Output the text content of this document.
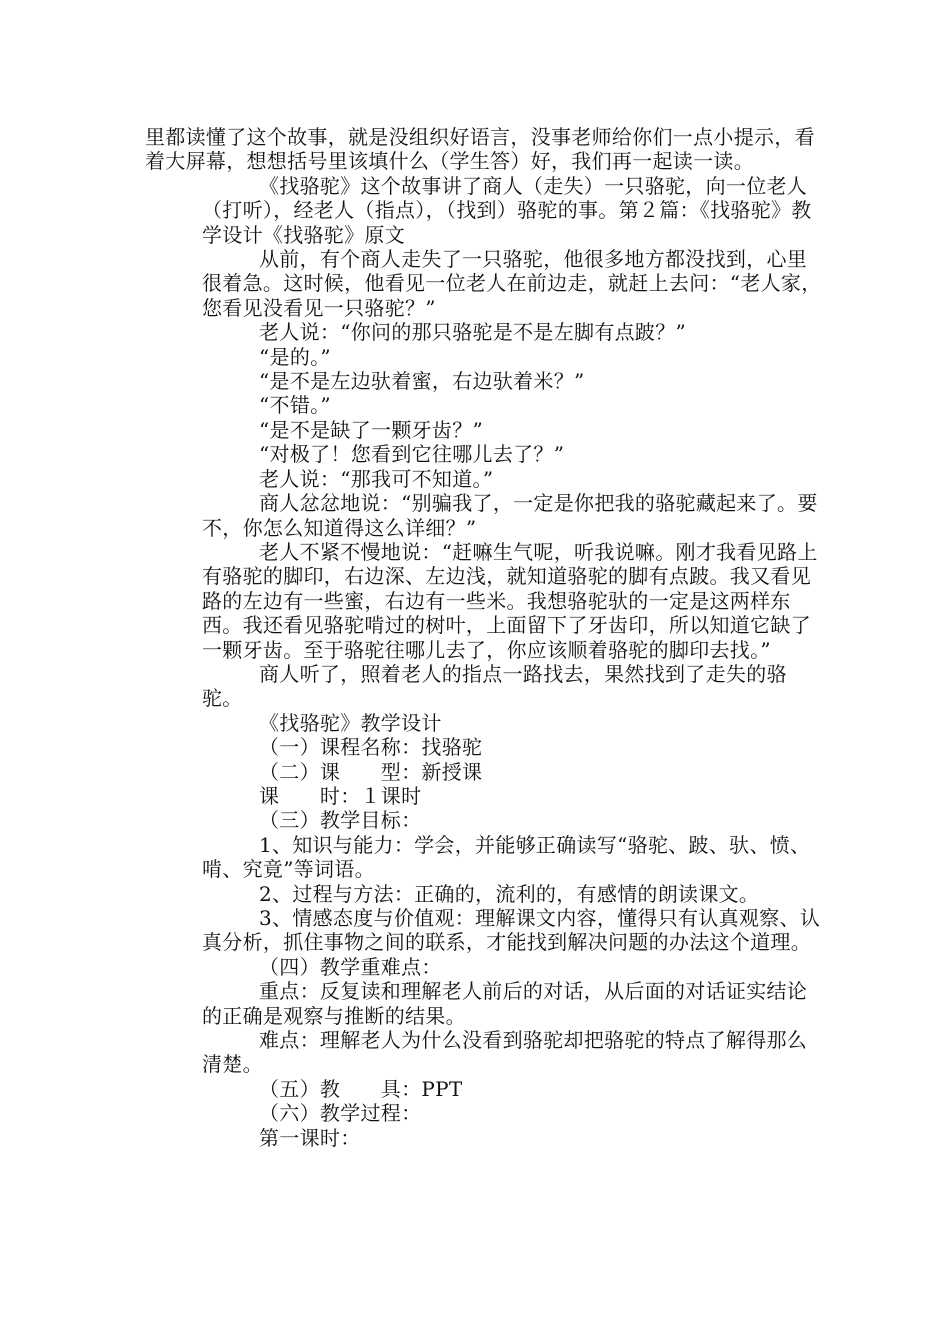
里都读懂了这个故事，就是没组织好语言，没事老师给你们一点小提示，看着大屏幕，想想括号里该填什么（学生答）好，我们再一起读一读。

《找骆驼》这个故事讲了商人（走失）一只骆驼，向一位老人（打听），经老人（指点），（找到）骆驼的事。第２篇：《找骆驼》教学设计《找骆驼》原文

从前，有个商人走失了一只骆驼，他很多地方都没找到，心里很着急。这时候，他看见一位老人在前边走，就赶上去问：“老人家，您看见没看见一只骆驼？”

老人说：“你问的那只骆驼是不是左脚有点跛？”

“是的。”

“是不是左边驮着蜜，右边驮着米？”

“不错。”

“是不是缺了一颗牙齿？”

“对极了！您看到它往哪儿去了？”

老人说：“那我可不知道。”

商人忿忿地说：“别骗我了，一定是你把我的骆驼藏起来了。要不，你怎么知道得这么详细？”

老人不紧不慢地说：“赶嘛生气呢，听我说嘛。刚才我看见路上有骆驼的脚印，右边深、左边浅，就知道骆驼的脚有点跛。我又看见路的左边有一些蜜，右边有一些米。我想骆驼驮的一定是这两样东西。我还看见骆驼啃过的树叶，上面留下了牙齿印，所以知道它缺了一颗牙齿。至于骆驼往哪儿去了，你应该顺着骆驼的脚印去找。”

商人听了，照着老人的指点一路找去，果然找到了走失的骆驼。

《找骆驼》教学设计

（一）课程名称：找骆驼

（二）课　　型：新授课

课　　时：１课时

（三）教学目标：

1、知识与能力：学会，并能够正确读写“骆驼、跛、驮、愤、啃、究竟”等词语。

2、过程与方法：正确的，流利的，有感情的朗读课文。

3、情感态度与价值观：理解课文内容，懂得只有认真观察、认真分析，抓住事物之间的联系，才能找到解决问题的办法这个道理。

（四）教学重难点：

重点：反复读和理解老人前后的对话，从后面的对话证实结论的正确是观察与推断的结果。

难点：理解老人为什么没看到骆驼却把骆驼的特点了解得那么清楚。

（五）教　　具：PPT

（六）教学过程：

第一课时：
